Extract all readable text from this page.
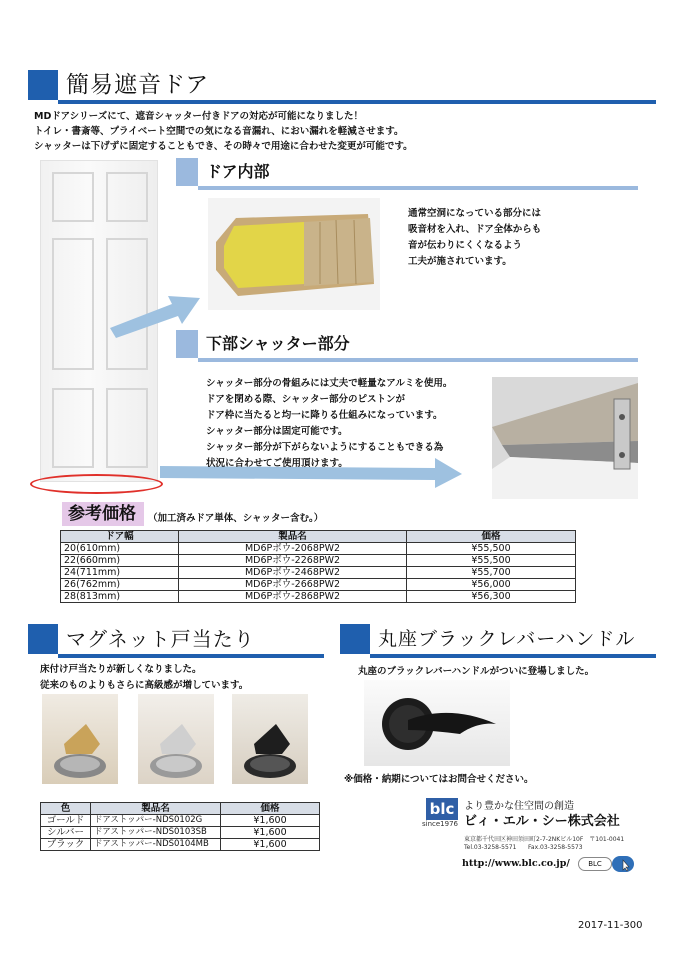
簡易遮音ドア
MDドアシリーズにて、遮音シャッター付きドアの対応が可能になりました！
トイレ・書斎等、プライベート空間での気になる音漏れ、におい漏れを軽減させます。
シャッターは下げずに固定することもでき、その時々で用途に合わせた変更が可能です。
ドア内部
通常空洞になっている部分には
吸音材を入れ、ドア全体からも
音が伝わりにくくなるよう
工夫が施されています。
下部シャッター部分
シャッター部分の骨組みには丈夫で軽量なアルミを使用。
ドアを閉める際、シャッター部分のピストンが
ドア枠に当たると均一に降りる仕組みになっています。
シャッター部分は固定可能です。
シャッター部分が下がらないようにすることもできる為
状況に合わせてご使用頂けます。
参考価格 （加工済みドア単体、シャッター含む。）
ドア幅	製品名	価格
20(610mm)	MD6Pボウ-2068PW2	¥55,500
22(660mm)	MD6Pボウ-2268PW2	¥55,500
24(711mm)	MD6Pボウ-2468PW2	¥55,700
26(762mm)	MD6Pボウ-2668PW2	¥56,000
28(813mm)	MD6Pボウ-2868PW2	¥56,300
マグネット戸当たり
床付け戸当たりが新しくなりました。
従来のものよりもさらに高級感が増しています。
色	製品名	価格
ゴールド	ドアストッパー-NDS0102G	¥1,600
シルバー	ドアストッパー-NDS0103SB	¥1,600
ブラック	ドアストッパー-NDS0104MB	¥1,600
丸座ブラックレバーハンドル
丸座のブラックレバーハンドルがついに登場しました。
※価格・納期についてはお問合せください。
blc
since1976
より豊かな住空間の創造
ビィ・エル・シー株式会社
東京都千代田区神田須田町2-7-2NKビル10F　〒101-0041
Tel.03-3258-5571 Fax.03-3258-5573
http://www.blc.co.jp/	BLC
2017-11-300
